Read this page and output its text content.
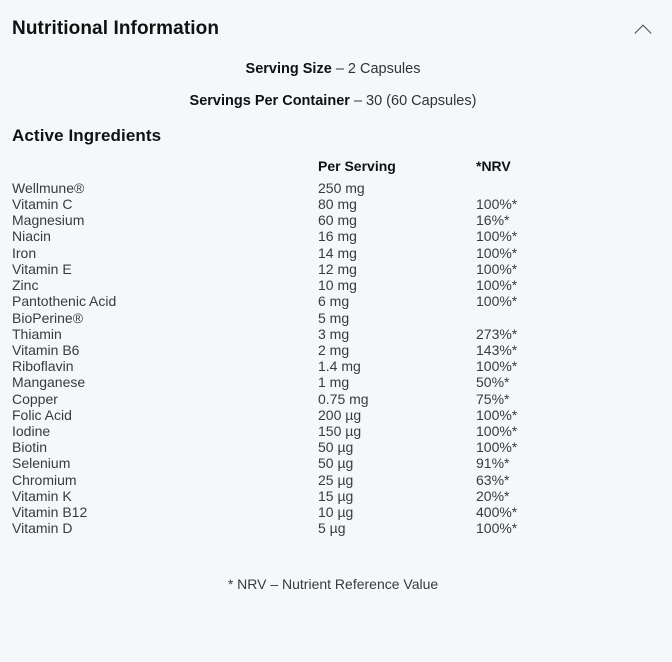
Nutritional Information
Serving Size – 2 Capsules
Servings Per Container – 30 (60 Capsules)
Active Ingredients
	Per Serving	*NRV
Wellmune®	250 mg	
Vitamin C	80 mg	100%*
Magnesium	60 mg	16%*
Niacin	16 mg	100%*
Iron	14 mg	100%*
Vitamin E	12 mg	100%*
Zinc	10 mg	100%*
Pantothenic Acid	6 mg	100%*
BioPerine®	5 mg	
Thiamin	3 mg	273%*
Vitamin B6	2 mg	143%*
Riboflavin	1.4 mg	100%*
Manganese	1 mg	50%*
Copper	0.75 mg	75%*
Folic Acid	200 µg	100%*
Iodine	150 µg	100%*
Biotin	50 µg	100%*
Selenium	50 µg	91%*
Chromium	25 µg	63%*
Vitamin K	15 µg	20%*
Vitamin B12	10 µg	400%*
Vitamin D	5 µg	100%*
* NRV – Nutrient Reference Value
